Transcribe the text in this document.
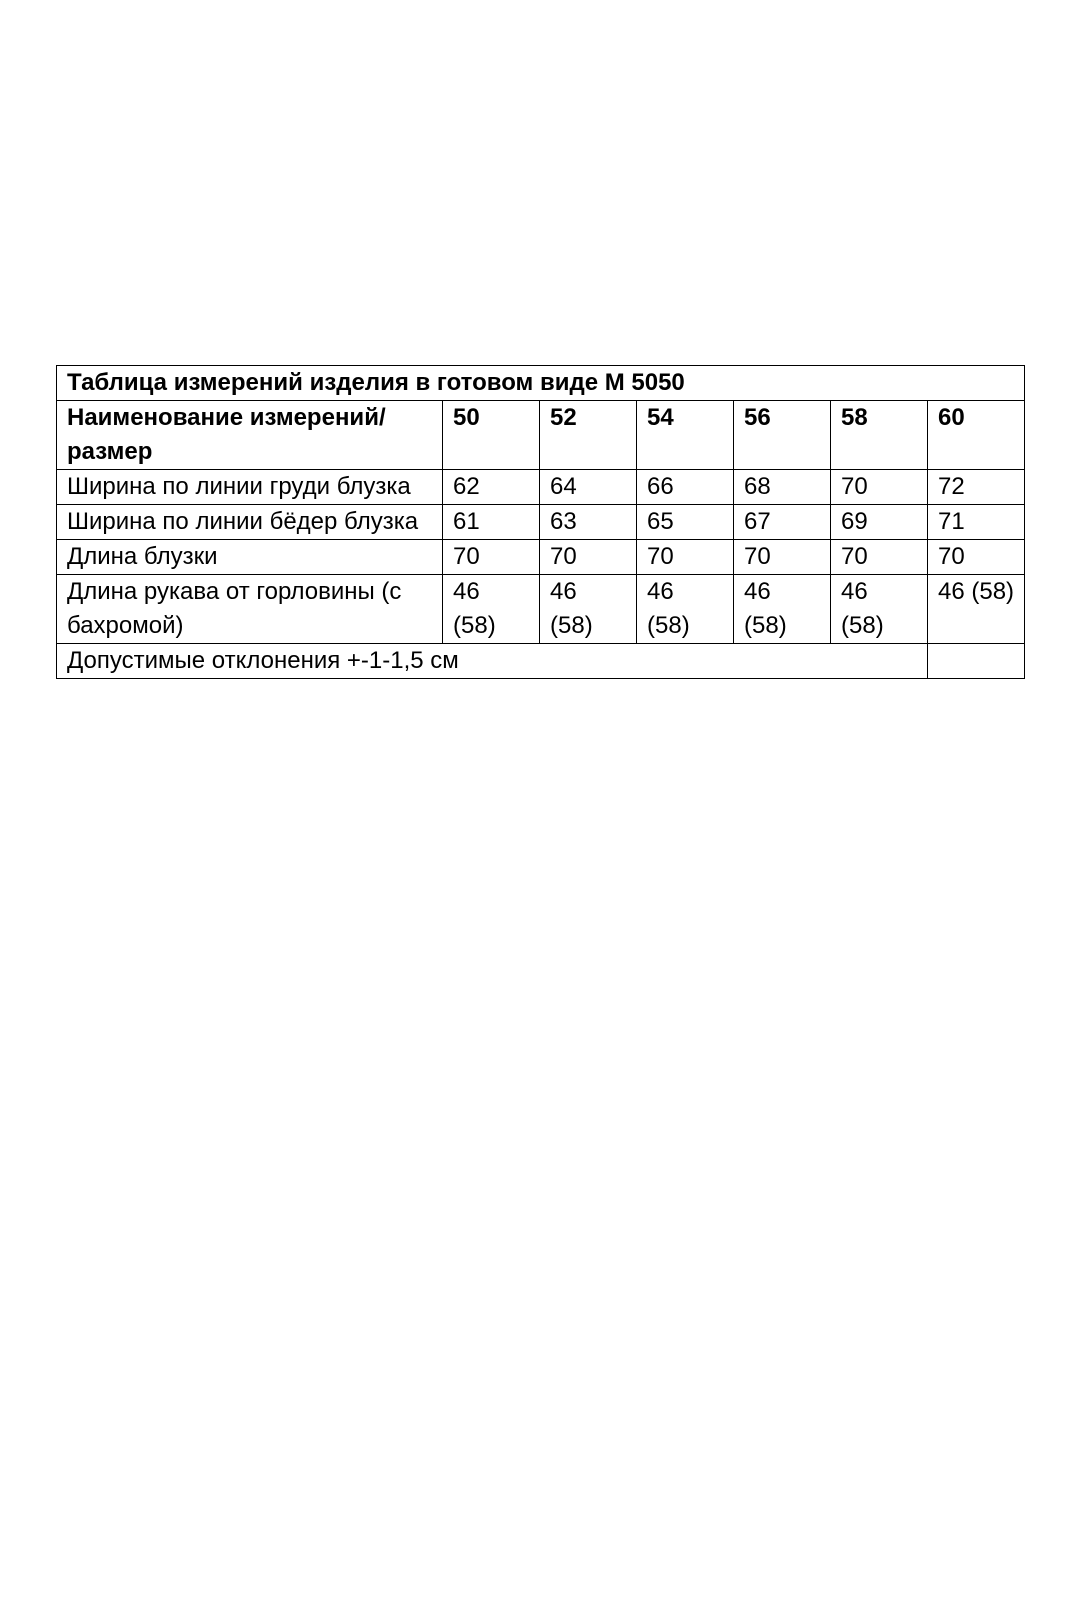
Таблица измерений изделия в готовом виде М 5050						
Наименование измерений/размер	50	52	54	56	58	60
Ширина по линии груди блузка	62	64	66	68	70	72
Ширина по линии бёдер блузка	61	63	65	67	69	71
Длина блузки	70	70	70	70	70	70
Длина рукава от горловины (с бахромой)	46 (58)	46 (58)	46 (58)	46 (58)	46 (58)	46 (58)
Допустимые отклонения +-1-1,5 см						
